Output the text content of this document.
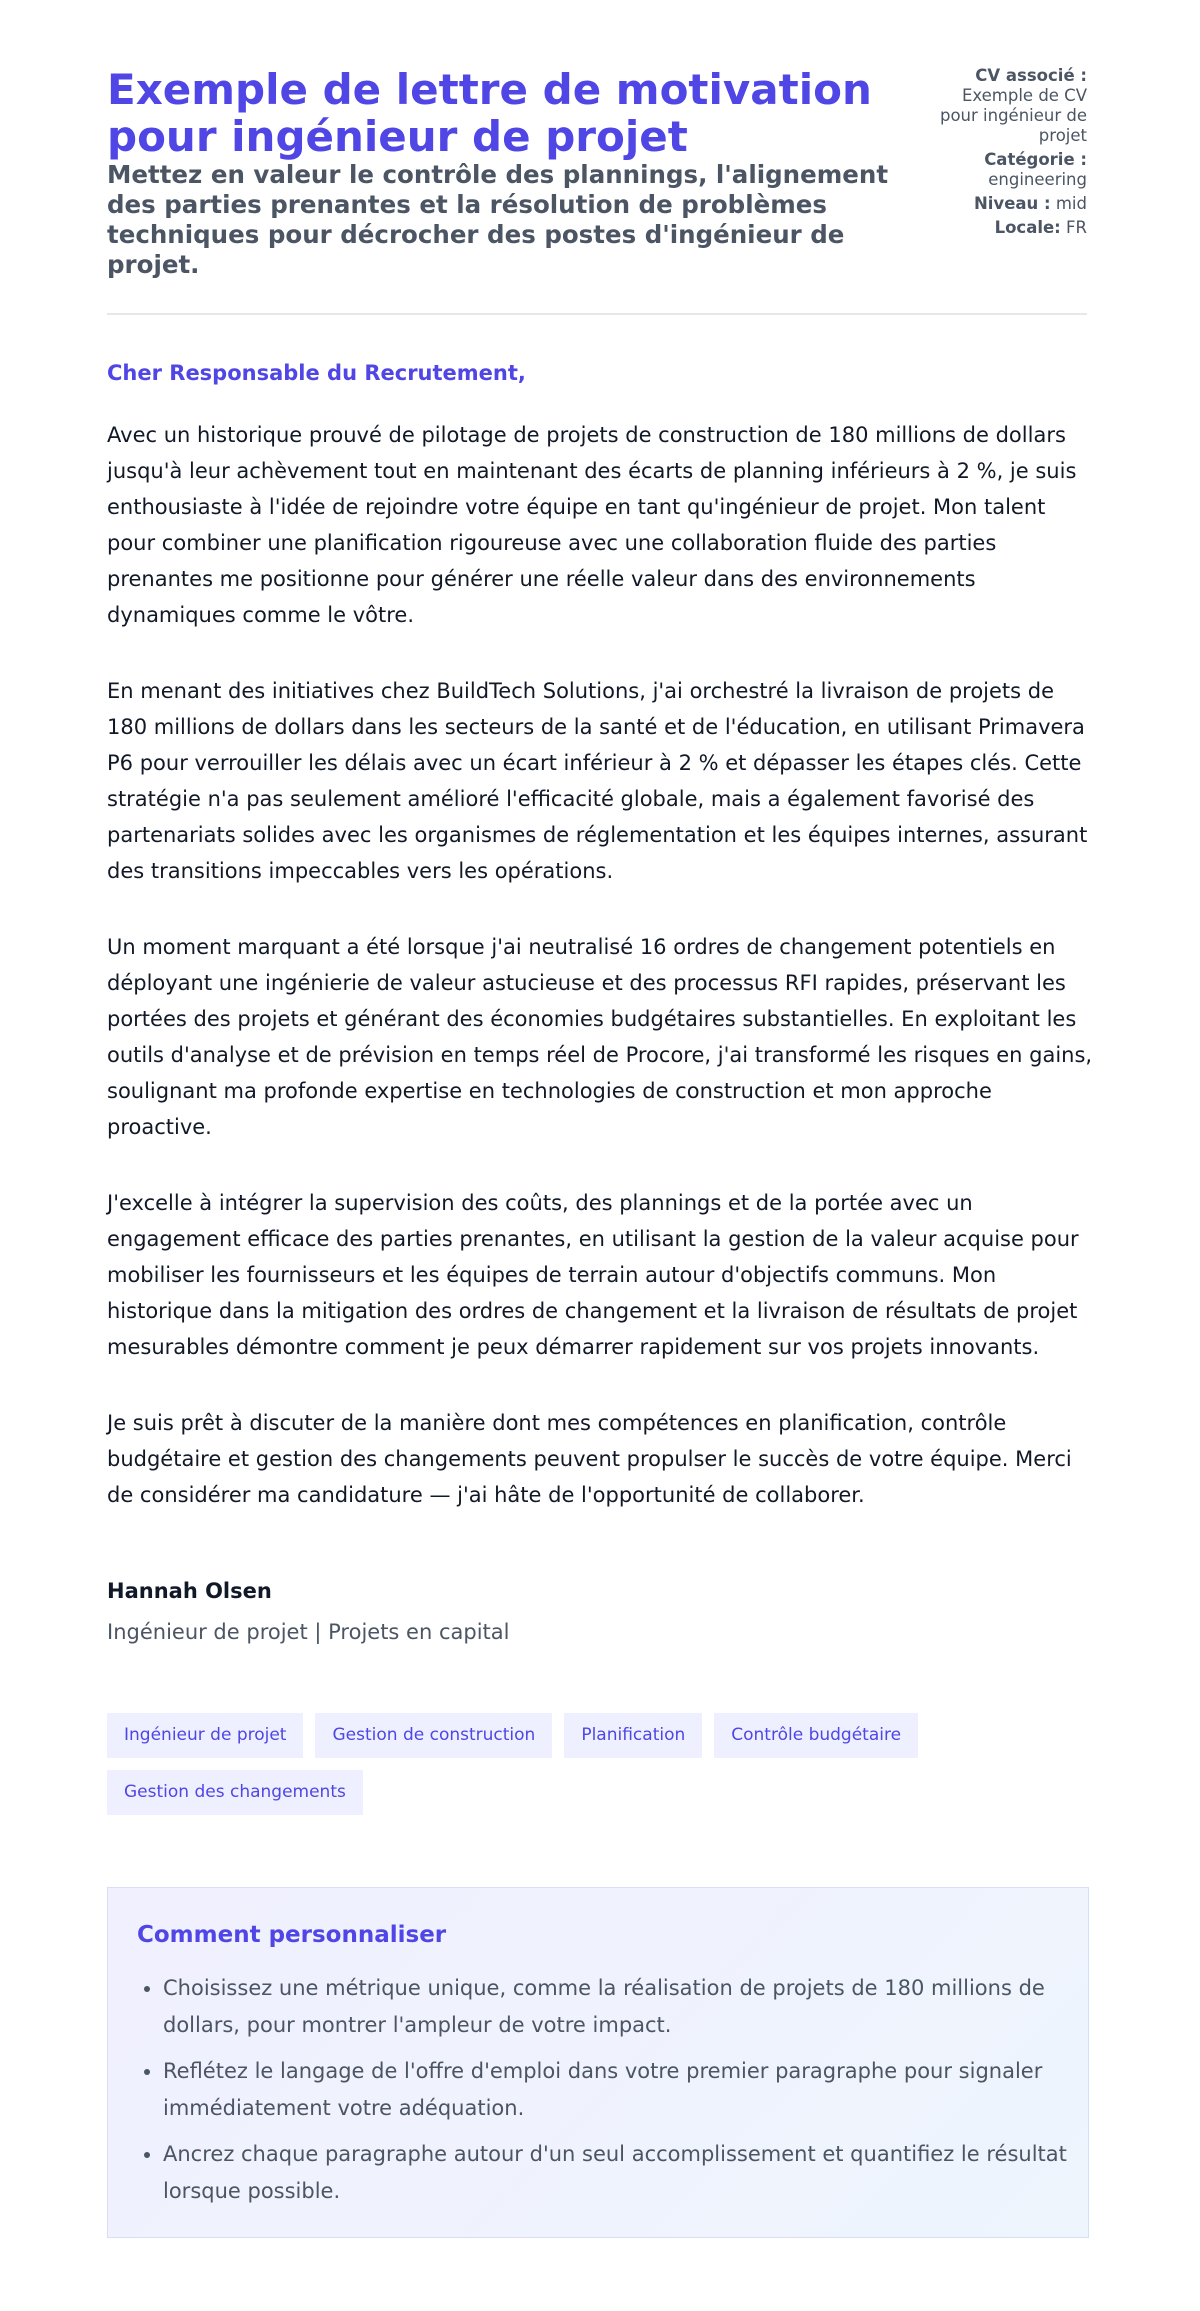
Exemple de lettre de motivation pour ingénieur de projet
Mettez en valeur le contrôle des plannings, l'alignement des parties prenantes et la résolution de problèmes techniques pour décrocher des postes d'ingénieur de projet.
CV associé : Exemple de CV pour ingénieur de projet
Catégorie : engineering
Niveau : mid
Locale: FR

Cher Responsable du Recrutement,

Avec un historique prouvé de pilotage de projets de construction de 180 millions de dollars jusqu'à leur achèvement tout en maintenant des écarts de planning inférieurs à 2 %, je suis enthousiaste à l'idée de rejoindre votre équipe en tant qu'ingénieur de projet. Mon talent pour combiner une planification rigoureuse avec une collaboration fluide des parties prenantes me positionne pour générer une réelle valeur dans des environnements dynamiques comme le vôtre.

En menant des initiatives chez BuildTech Solutions, j'ai orchestré la livraison de projets de 180 millions de dollars dans les secteurs de la santé et de l'éducation, en utilisant Primavera P6 pour verrouiller les délais avec un écart inférieur à 2 % et dépasser les étapes clés. Cette stratégie n'a pas seulement amélioré l'efficacité globale, mais a également favorisé des partenariats solides avec les organismes de réglementation et les équipes internes, assurant des transitions impeccables vers les opérations.

Un moment marquant a été lorsque j'ai neutralisé 16 ordres de changement potentiels en déployant une ingénierie de valeur astucieuse et des processus RFI rapides, préservant les portées des projets et générant des économies budgétaires substantielles. En exploitant les outils d'analyse et de prévision en temps réel de Procore, j'ai transformé les risques en gains, soulignant ma profonde expertise en technologies de construction et mon approche proactive.

J'excelle à intégrer la supervision des coûts, des plannings et de la portée avec un engagement efficace des parties prenantes, en utilisant la gestion de la valeur acquise pour mobiliser les fournisseurs et les équipes de terrain autour d'objectifs communs. Mon historique dans la mitigation des ordres de changement et la livraison de résultats de projet mesurables démontre comment je peux démarrer rapidement sur vos projets innovants.

Je suis prêt à discuter de la manière dont mes compétences en planification, contrôle budgétaire et gestion des changements peuvent propulser le succès de votre équipe. Merci de considérer ma candidature — j'ai hâte de l'opportunité de collaborer.

Hannah Olsen

Ingénieur de projet | Projets en capital

Ingénieur de projet	Gestion de construction	Planification	Contrôle budgétaire
Gestion des changements
Comment personnaliser
• Choisissez une métrique unique, comme la réalisation de projets de 180 millions de dollars, pour montrer l'ampleur de votre impact.
• Reflétez le langage de l'offre d'emploi dans votre premier paragraphe pour signaler immédiatement votre adéquation.
• Ancrez chaque paragraphe autour d'un seul accomplissement et quantifiez le résultat lorsque possible.
